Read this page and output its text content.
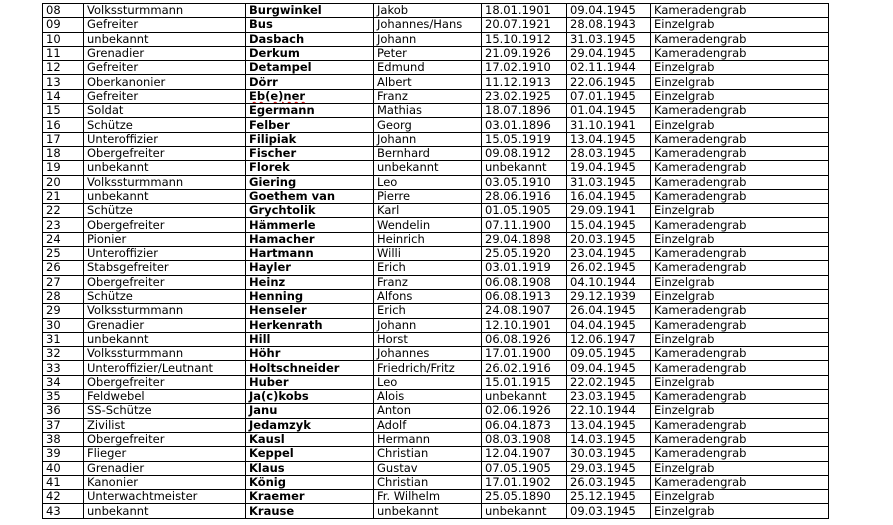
08	Volkssturmmann	Burgwinkel	Jakob	18.01.1901	09.04.1945	Kameradengrab
09	Gefreiter	Bus	Johannes/Hans	20.07.1921	28.08.1943	Einzelgrab
10	unbekannt	Dasbach	Johann	15.10.1912	31.03.1945	Kameradengrab
11	Grenadier	Derkum	Peter	21.09.1926	29.04.1945	Kameradengrab
12	Gefreiter	Detampel	Edmund	17.02.1910	02.11.1944	Einzelgrab
13	Oberkanonier	Dörr	Albert	11.12.1913	22.06.1945	Einzelgrab
14	Gefreiter	Eb(e)ner	Franz	23.02.1925	07.01.1945	Einzelgrab
15	Soldat	Egermann	Mathias	18.07.1896	01.04.1945	Kameradengrab
16	Schütze	Felber	Georg	03.01.1896	31.10.1941	Einzelgrab
17	Unteroffizier	Filipiak	Johann	15.05.1919	13.04.1945	Kameradengrab
18	Obergefreiter	Fischer	Bernhard	09.08.1912	28.03.1945	Kameradengrab
19	unbekannt	Florek	unbekannt	unbekannt	19.04.1945	Kameradengrab
20	Volkssturmmann	Giering	Leo	03.05.1910	31.03.1945	Kameradengrab
21	unbekannt	Goethem van	Pierre	28.06.1916	16.04.1945	Kameradengrab
22	Schütze	Grychtolik	Karl	01.05.1905	29.09.1941	Einzelgrab
23	Obergefreiter	Hämmerle	Wendelin	07.11.1900	15.04.1945	Kameradengrab
24	Pionier	Hamacher	Heinrich	29.04.1898	20.03.1945	Einzelgrab
25	Unteroffizier	Hartmann	Willi	25.05.1920	23.04.1945	Kameradengrab
26	Stabsgefreiter	Hayler	Erich	03.01.1919	26.02.1945	Kameradengrab
27	Obergefreiter	Heinz	Franz	06.08.1908	04.10.1944	Einzelgrab
28	Schütze	Henning	Alfons	06.08.1913	29.12.1939	Einzelgrab
29	Volkssturmmann	Henseler	Erich	24.08.1907	26.04.1945	Kameradengrab
30	Grenadier	Herkenrath	Johann	12.10.1901	04.04.1945	Kameradengrab
31	unbekannt	Hill	Horst	06.08.1926	12.06.1947	Einzelgrab
32	Volkssturmmann	Höhr	Johannes	17.01.1900	09.05.1945	Kameradengrab
33	Unteroffizier/Leutnant	Holtschneider	Friedrich/Fritz	26.02.1916	09.04.1945	Kameradengrab
34	Obergefreiter	Huber	Leo	15.01.1915	22.02.1945	Einzelgrab
35	Feldwebel	Ja(c)kobs	Alois	unbekannt	23.03.1945	Kameradengrab
36	SS-Schütze	Janu	Anton	02.06.1926	22.10.1944	Einzelgrab
37	Zivilist	Jedamzyk	Adolf	06.04.1873	13.04.1945	Kameradengrab
38	Obergefreiter	Kausl	Hermann	08.03.1908	14.03.1945	Kameradengrab
39	Flieger	Keppel	Christian	12.04.1907	30.03.1945	Kameradengrab
40	Grenadier	Klaus	Gustav	07.05.1905	29.03.1945	Einzelgrab
41	Kanonier	König	Christian	17.01.1902	26.03.1945	Kameradengrab
42	Unterwachtmeister	Kraemer	Fr. Wilhelm	25.05.1890	25.12.1945	Einzelgrab
43	unbekannt	Krause	unbekannt	unbekannt	09.03.1945	Einzelgrab
